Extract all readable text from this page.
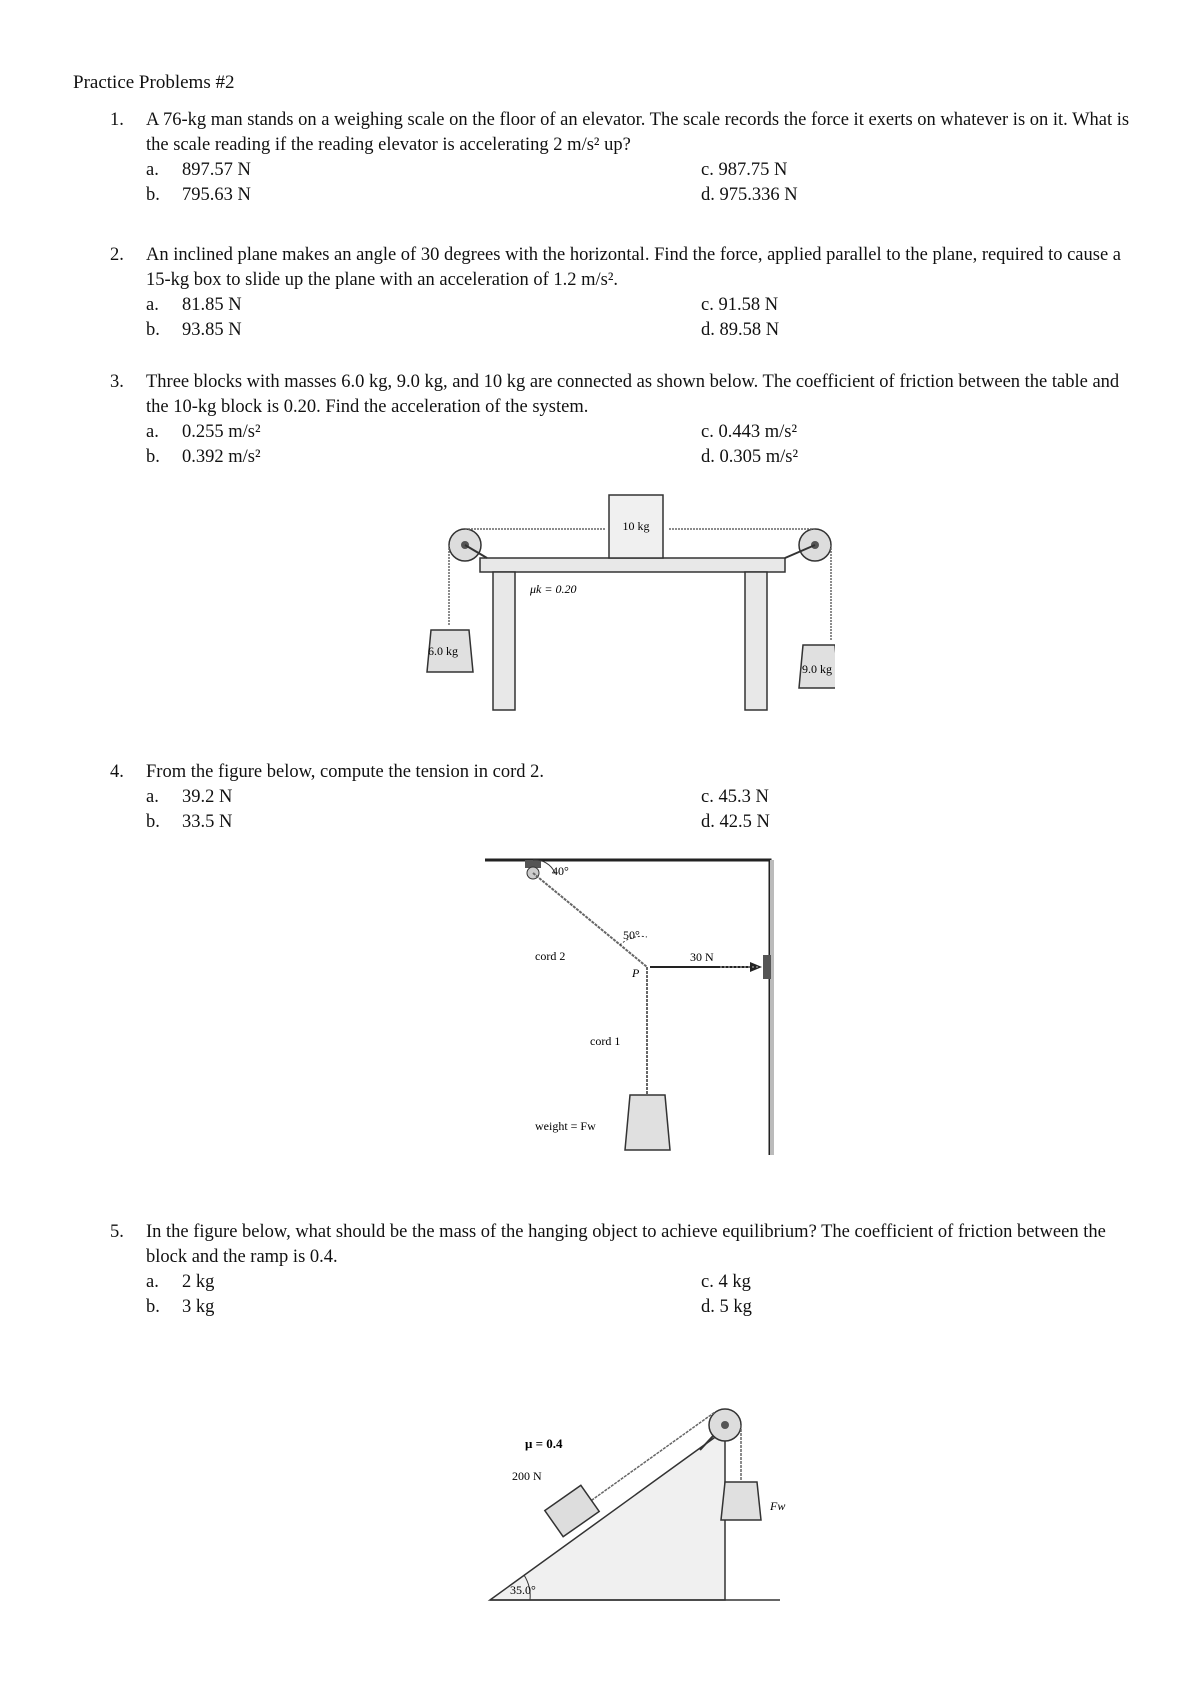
Practice Problems #2
1.	A 76-kg man stands on a weighing scale on the floor of an elevator. The scale records the force it exerts on whatever is on it. What is the scale reading if the reading elevator is accelerating 2 m/s² up?
a. 897.57 N
b. 795.63 N
c. 987.75 N
d. 975.336 N
2.	An inclined plane makes an angle of 30 degrees with the horizontal. Find the force, applied parallel to the plane, required to cause a 15-kg box to slide up the plane with an acceleration of 1.2 m/s².
a. 81.85 N
b. 93.85 N
c. 91.58 N
d. 89.58 N
3.	Three blocks with masses 6.0 kg, 9.0 kg, and 10 kg are connected as shown below. The coefficient of friction between the table and the 10-kg block is 0.20. Find the acceleration of the system.
a. 0.255 m/s²
b. 0.392 m/s²
c. 0.443 m/s²
d. 0.305 m/s²
10 kg
6.0 kg
9.0 kg
μk = 0.20
4.	From the figure below, compute the tension in cord 2.
a. 39.2 N
b. 33.5 N
c. 45.3 N
d. 42.5 N
40°
50°
cord 2
cord 1
30 N
P
weight = Fw
5.	In the figure below, what should be the mass of the hanging object to achieve equilibrium? The coefficient of friction between the block and the ramp is 0.4.
a. 2 kg
b. 3 kg
c. 4 kg
d. 5 kg
35.0°
μ = 0.4
200 N
Fw
